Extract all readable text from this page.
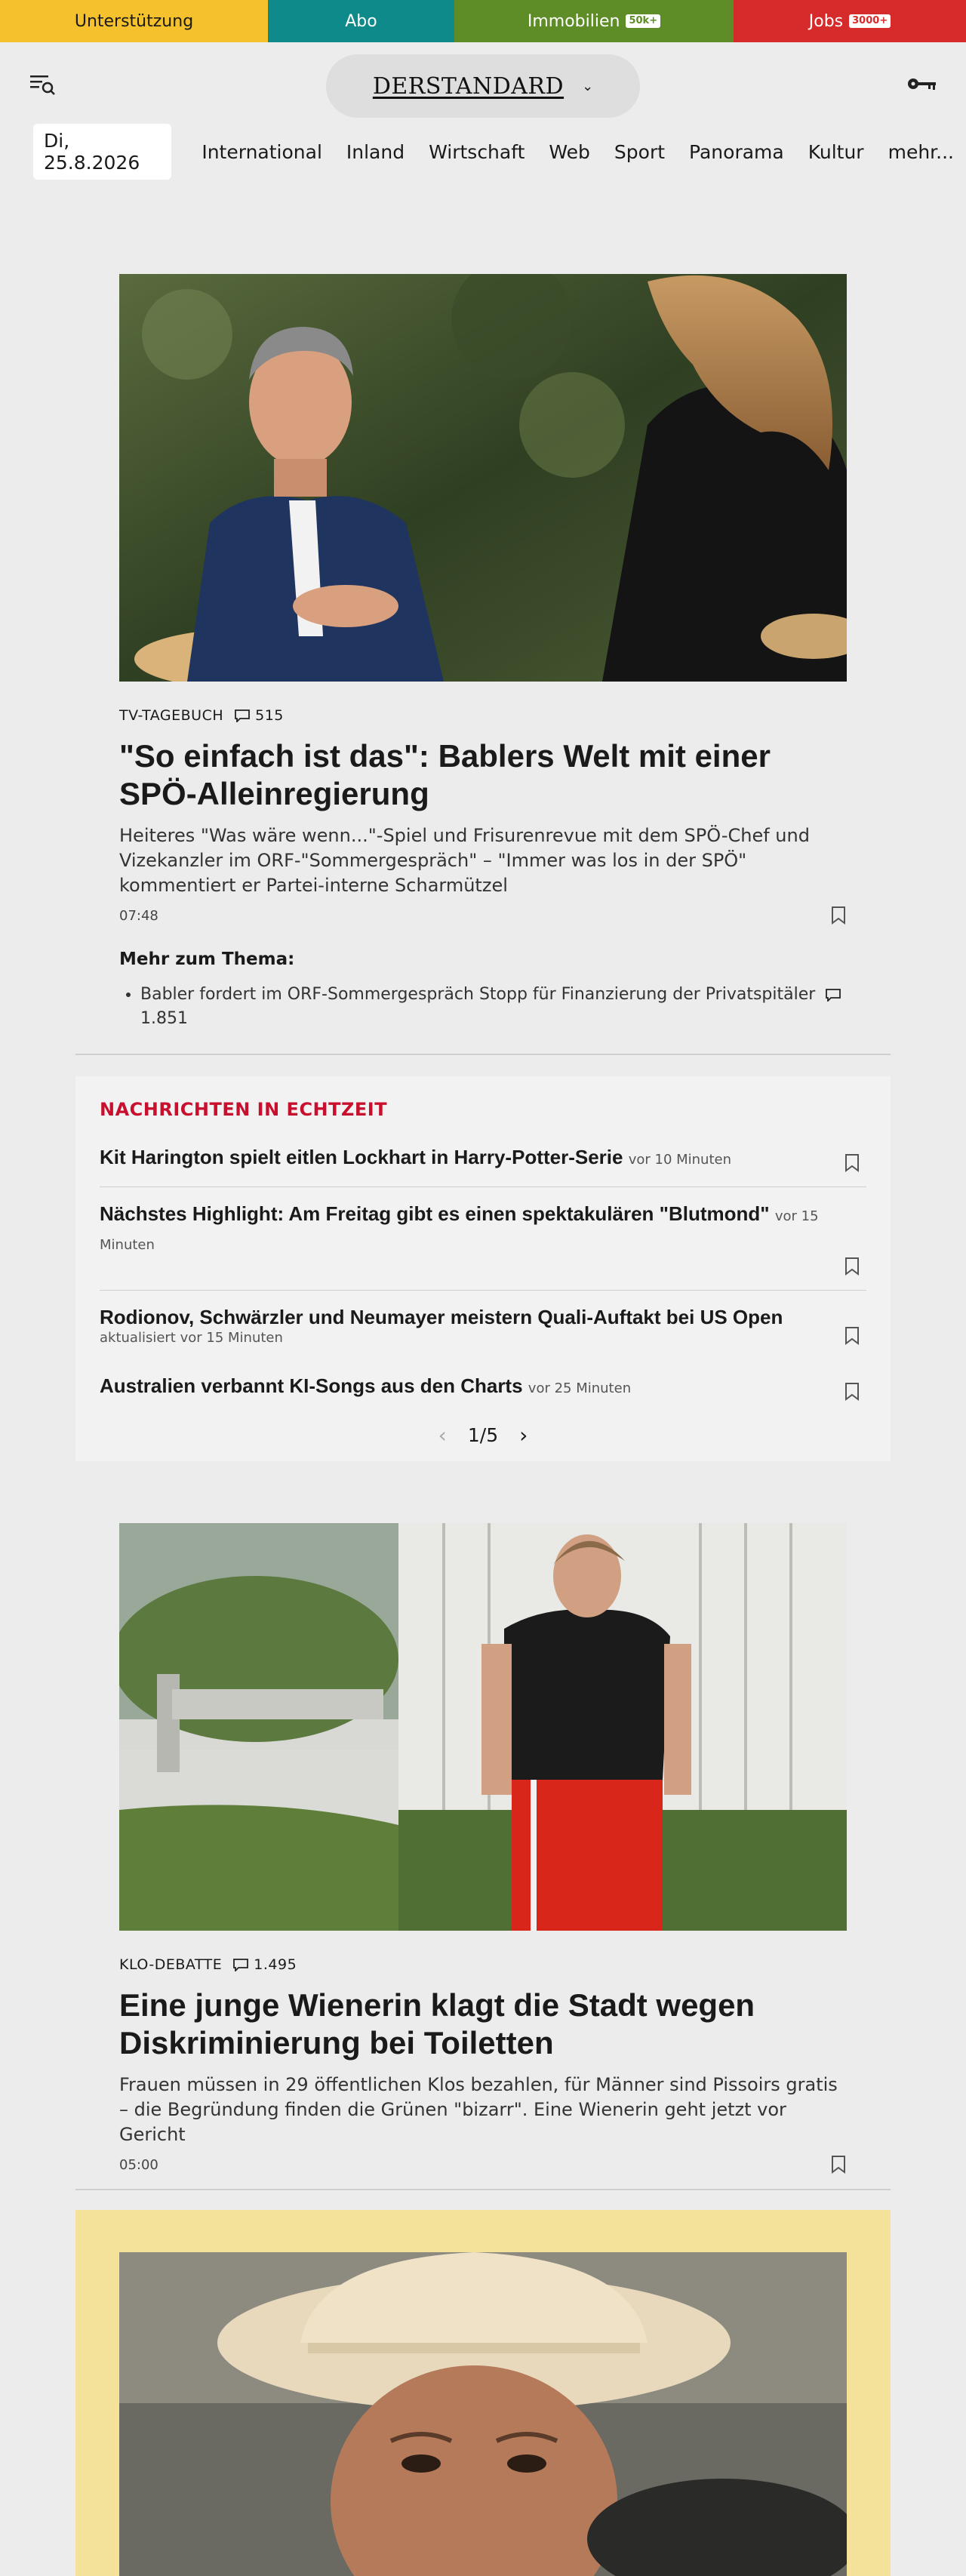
Unterstützung	Abo	Immobilien 50k+	Jobs 3000+
DERSTANDARD ⌄
Di, 25.8.2026	International	Inland	Wirtschaft	Web	Sport	Panorama	Kultur	mehr...
TV-TAGEBUCH 515
"So einfach ist das": Bablers Welt mit einer SPÖ-Alleinregierung

Heiteres "Was wäre wenn..."-Spiel und Frisurenrevue mit dem SPÖ-Chef und Vizekanzler im ORF-"Sommergespräch" – "Immer was los in der SPÖ" kommentiert er Partei-interne Scharmützel

07:48
Mehr zum Thema:
• Babler fordert im ORF-Sommergespräch Stopp für Finanzierung der Privatspitäler
1.851
NACHRICHTEN IN ECHTZEIT
Kit Harington spielt eitlen Lockhart in Harry-Potter-Serie vor 10 Minuten
Nächstes Highlight: Am Freitag gibt es einen spektakulären "Blutmond" vor 15 Minuten
Rodionov, Schwärzler und Neumayer meistern Quali-Auftakt bei US Open
aktualisiert vor 15 Minuten
Australien verbannt KI-Songs aus den Charts vor 25 Minuten
‹ 1/5 ›
KLO-DEBATTE 1.495
Eine junge Wienerin klagt die Stadt wegen Diskriminierung bei Toiletten

Frauen müssen in 29 öffentlichen Klos bezahlen, für Männer sind Pissoirs gratis – die Begründung finden die Grünen "bizarr". Eine Wienerin geht jetzt vor Gericht

05:00
